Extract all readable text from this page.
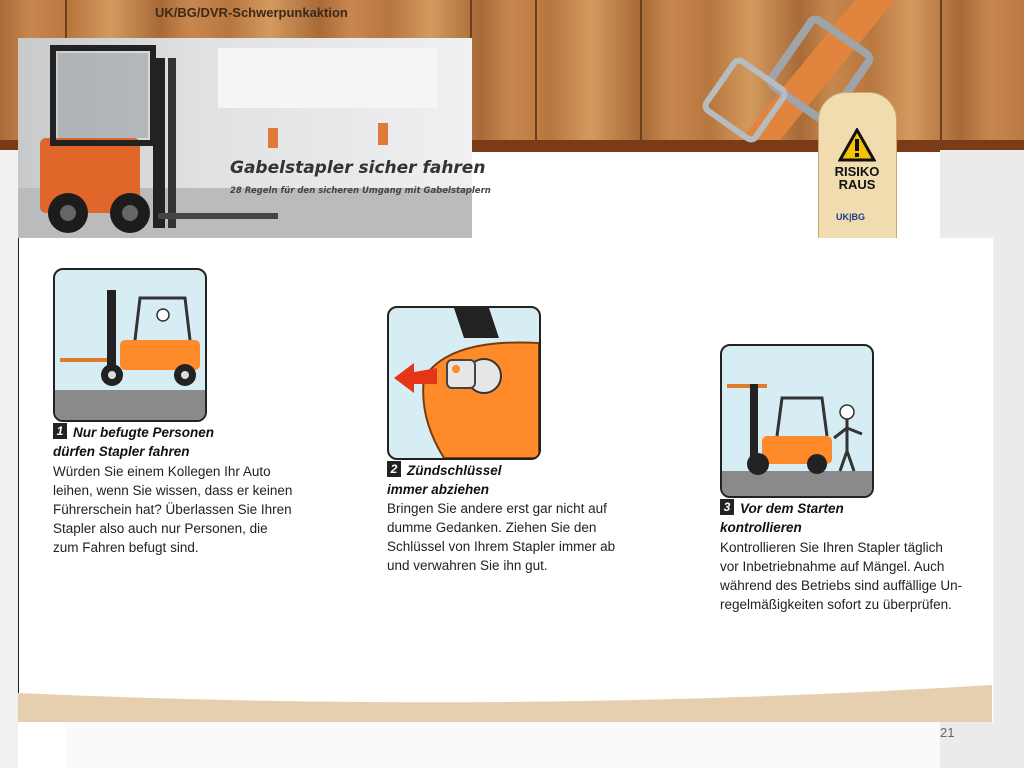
UK/BG/DVR-Schwerpunkaktion
Gabelstapler sicher fahren
28 Regeln für den sicheren Umgang mit Gabelstaplern
RISIKO
RAUS
UK|BG
1 Nur befugte Personen
dürfen Stapler fahren
Würden Sie einem Kollegen Ihr Auto
leihen, wenn Sie wissen, dass er keinen
Führerschein hat? Überlassen Sie Ihren
Stapler also auch nur Personen, die
zum Fahren befugt sind.
2 Zündschlüssel
immer abziehen
Bringen Sie andere erst gar nicht auf
dumme Gedanken. Ziehen Sie den
Schlüssel von Ihrem Stapler immer ab
und verwahren Sie ihn gut.
3 Vor dem Starten
kontrollieren
Kontrollieren Sie Ihren Stapler täglich
vor Inbetriebnahme auf Mängel. Auch
während des Betriebs sind auffällige Un-
regelmäßigkeiten sofort zu überprüfen.
21
